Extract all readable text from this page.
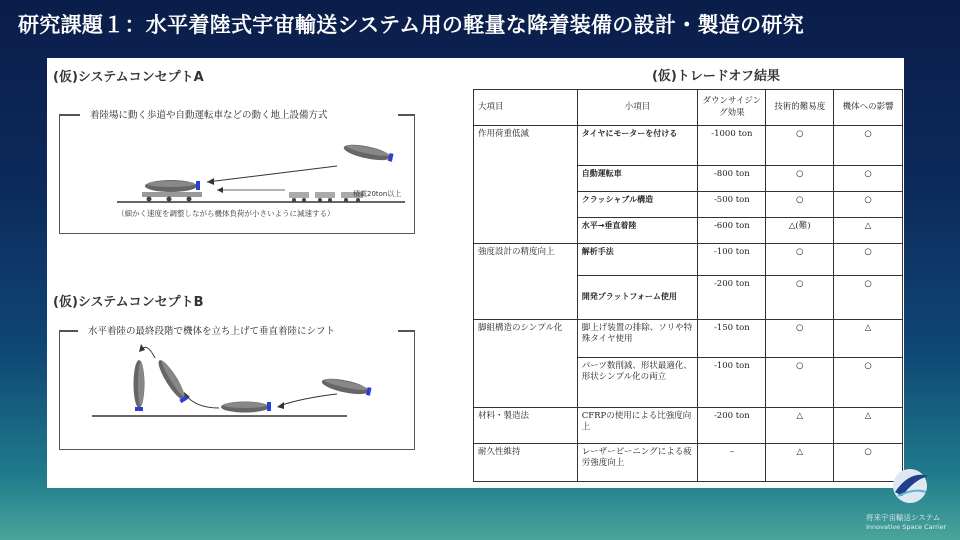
研究課題１：水平着陸式宇宙輸送システム用の軽量な降着装備の設計・製造の研究
(仮)システムコンセプトA
着陸場に動く歩道や自動運転車などの動く地上設備方式
積載20ton以上
（細かく速度を調整しながら機体負荷が小さいように減速する）
(仮)システムコンセプトB
水平着陸の最終段階で機体を立ち上げて垂直着陸にシフト
(仮)トレードオフ結果
大項目	小項目	ダウンサイジング効果	技術的難易度	機体への影響
作用荷重低減	タイヤにモーターを付ける	-1000 ton	○	○
	自動運転車	-800 ton	○	○
	クラッシャブル構造	-500 ton	○	○
	水平→垂直着陸	-600 ton	△(難)	△
強度設計の精度向上	解析手法	-100 ton	○	○
	開発プラットフォーム使用	-200 ton	○	○
脚組構造のシンプル化	脚上げ装置の排除、ソリや特殊タイヤ使用	-150 ton	○	△
	パーツ数削減、形状最適化、形状シンプル化の両立	-100 ton	○	○
材料・製造法	CFRPの使用による比強度向上	-200 ton	△	△
耐久性維持	レーザーピーニングによる疲労強度向上	–	△	○
将来宇宙輸送システム
Innovative Space Carrier
